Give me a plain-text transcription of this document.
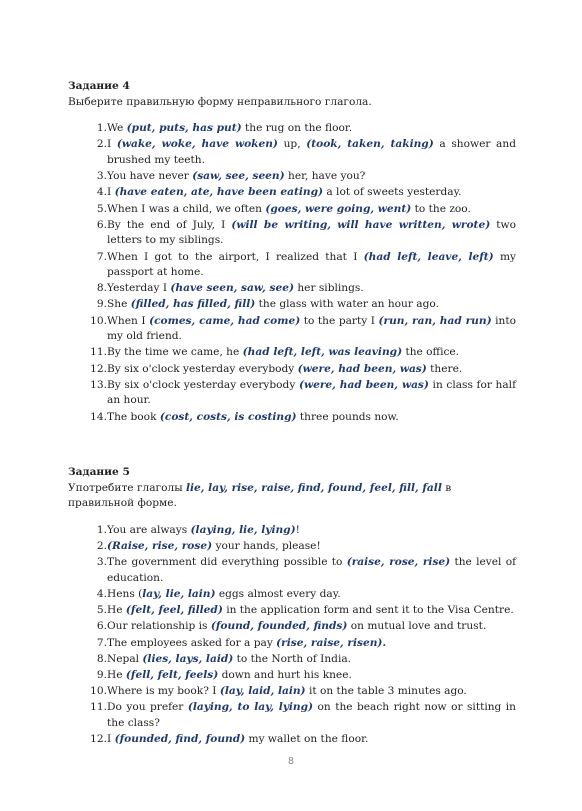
Задание 4

Выберите правильную форму неправильного глагола.

1. We (put, puts, has put) the rug on the floor.
2. I (wake, woke, have woken) up, (took, taken, taking) a shower and brushed my teeth.
3. You have never (saw, see, seen) her, have you?
4. I (have eaten, ate, have been eating) a lot of sweets yesterday.
5. When I was a child, we often (goes, were going, went) to the zoo.
6. By the end of July, I (will be writing, will have written, wrote) two letters to my siblings.
7. When I got to the airport, I realized that I (had left, leave, left) my passport at home.
8. Yesterday I (have seen, saw, see) her siblings.
9. She (filled, has filled, fill) the glass with water an hour ago.
10. When I (comes, came, had come) to the party I (run, ran, had run) into my old friend.
11. By the time we came, he (had left, left, was leaving) the office.
12. By six o'clock yesterday everybody (were, had been, was) there.
13. By six o'clock yesterday everybody (were, had been, was) in class for half an hour.
14. The book (cost, costs, is costing) three pounds now.

Задание 5

Употребите глаголы lie, lay, rise, raise, find, found, feel, fill, fall в правильной форме.

1. You are always (laying, lie, lying)!
2. (Raise, rise, rose) your hands, please!
3. The government did everything possible to (raise, rose, rise) the level of education.
4. Hens (lay, lie, lain) eggs almost every day.
5. He (felt, feel, filled) in the application form and sent it to the Visa Centre.
6. Our relationship is (found, founded, finds) on mutual love and trust.
7. The employees asked for a pay (rise, raise, risen).
8. Nepal (lies, lays, laid) to the North of India.
9. He (fell, felt, feels) down and hurt his knee.
10. Where is my book? I (lay, laid, lain) it on the table 3 minutes ago.
11. Do you prefer (laying, to lay, lying) on the beach right now or sitting in the class?
12. I (founded, find, found) my wallet on the floor.
8
